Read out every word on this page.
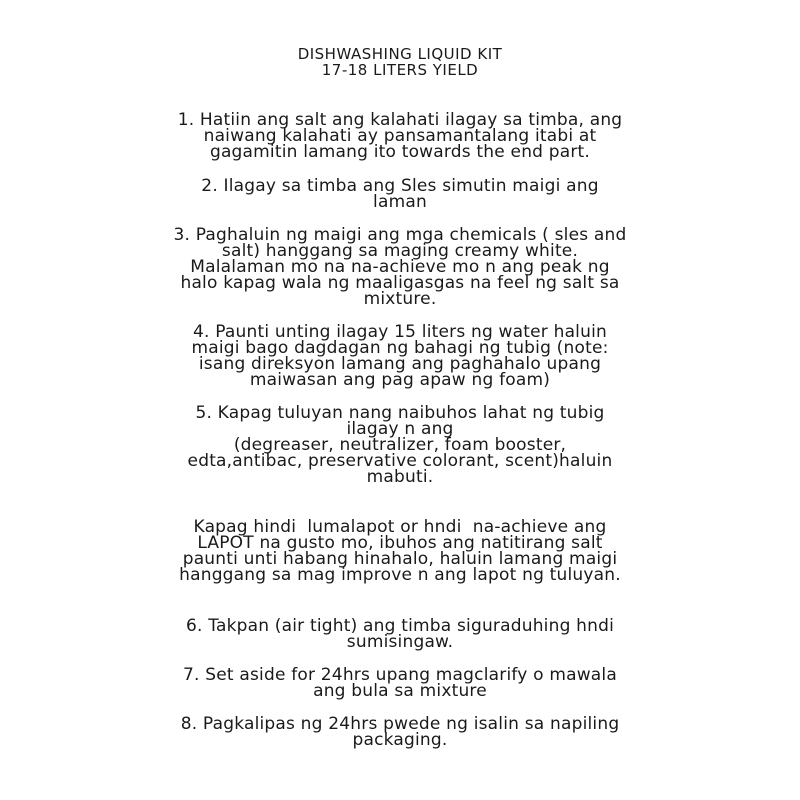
DISHWASHING LIQUID KIT
17-18 LITERS YIELD
1. Hatiin ang salt ang kalahati ilagay sa timba, ang
naiwang kalahati ay pansamantalang itabi at
gagamitin lamang ito towards the end part.
2. Ilagay sa timba ang Sles simutin maigi ang
laman
3. Paghaluin ng maigi ang mga chemicals ( sles and
salt) hanggang sa maging creamy white.
Malalaman mo na na-achieve mo n ang peak ng
halo kapag wala ng maaligasgas na feel ng salt sa
mixture.
4. Paunti unting ilagay 15 liters ng water haluin
maigi bago dagdagan ng bahagi ng tubig (note:
isang direksyon lamang ang paghahalo upang
maiwasan ang pag apaw ng foam)
5. Kapag tuluyan nang naibuhos lahat ng tubig
ilagay n ang
(degreaser, neutralizer, foam booster,
edta,antibac, preservative colorant, scent)haluin
mabuti.
Kapag hindi  lumalapot or hndi  na-achieve ang
LAPOT na gusto mo, ibuhos ang natitirang salt
paunti unti habang hinahalo, haluin lamang maigi
hanggang sa mag improve n ang lapot ng tuluyan.
6. Takpan (air tight) ang timba siguraduhing hndi
sumisingaw.
7. Set aside for 24hrs upang magclarify o mawala
ang bula sa mixture
8. Pagkalipas ng 24hrs pwede ng isalin sa napiling
packaging.
